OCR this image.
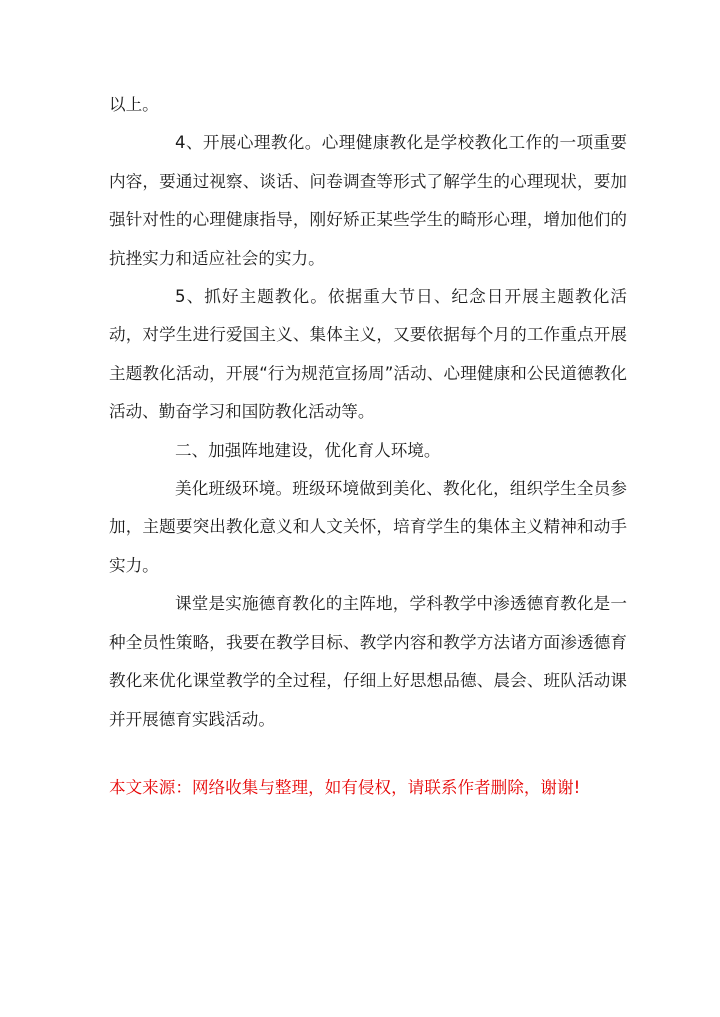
以上。

4、开展心理教化。心理健康教化是学校教化工作的一项重要内容，要通过视察、谈话、问卷调查等形式了解学生的心理现状，要加强针对性的心理健康指导，刚好矫正某些学生的畸形心理，增加他们的抗挫实力和适应社会的实力。

5、抓好主题教化。依据重大节日、纪念日开展主题教化活动，对学生进行爱国主义、集体主义，又要依据每个月的工作重点开展主题教化活动，开展“行为规范宣扬周”活动、心理健康和公民道德教化活动、勤奋学习和国防教化活动等。

二、加强阵地建设，优化育人环境。

美化班级环境。班级环境做到美化、教化化，组织学生全员参加，主题要突出教化意义和人文关怀，培育学生的集体主义精神和动手实力。

课堂是实施德育教化的主阵地，学科教学中渗透德育教化是一种全员性策略，我要在教学目标、教学内容和教学方法诸方面渗透德育教化来优化课堂教学的全过程，仔细上好思想品德、晨会、班队活动课并开展德育实践活动。

本文来源：网络收集与整理，如有侵权，请联系作者删除，谢谢!
